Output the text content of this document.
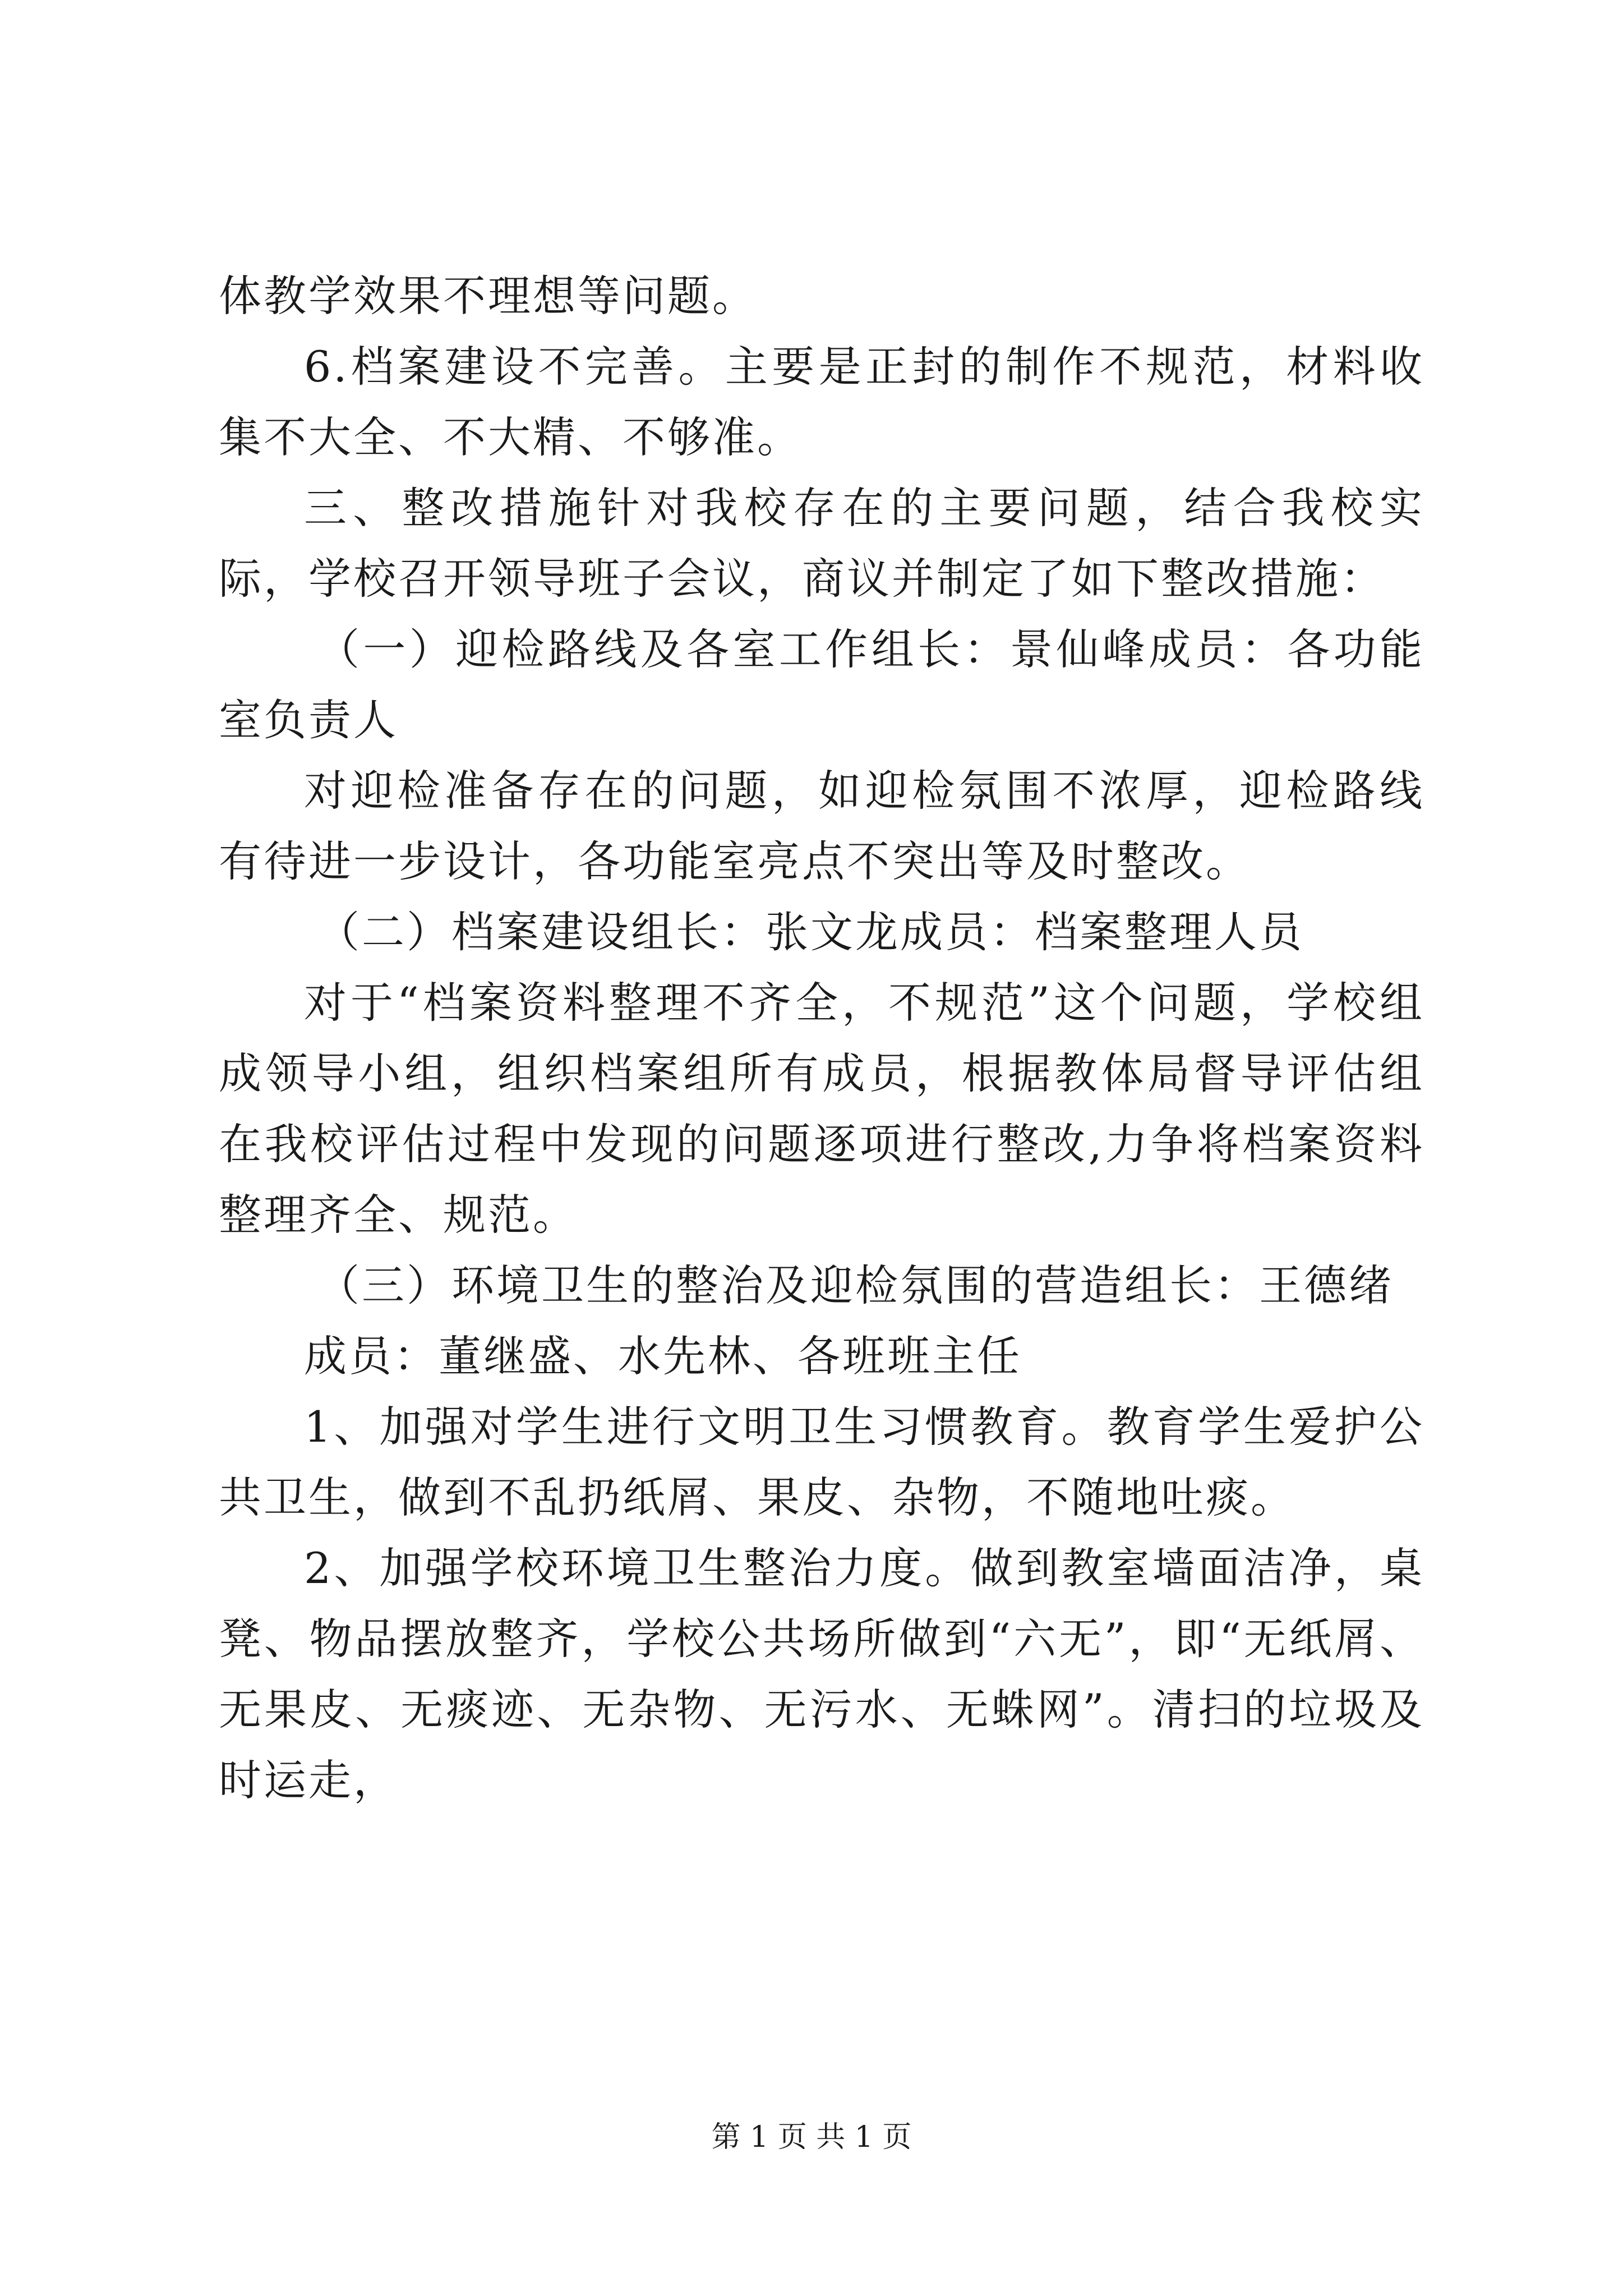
体教学效果不理想等问题。

6.档案建设不完善。主要是正封的制作不规范，材料收集不大全、不大精、不够准。

三、整改措施针对我校存在的主要问题，结合我校实际，学校召开领导班子会议，商议并制定了如下整改措施：

（一）迎检路线及各室工作组长：景仙峰成员：各功能室负责人

对迎检准备存在的问题，如迎检氛围不浓厚，迎检路线有待进一步设计，各功能室亮点不突出等及时整改。

（二）档案建设组长：张文龙成员：档案整理人员

对于“档案资料整理不齐全，不规范”这个问题，学校组成领导小组，组织档案组所有成员，根据教体局督导评估组在我校评估过程中发现的问题逐项进行整改,力争将档案资料整理齐全、规范。

（三）环境卫生的整治及迎检氛围的营造组长：王德绪

成员：董继盛、水先林、各班班主任

1、加强对学生进行文明卫生习惯教育。教育学生爱护公共卫生，做到不乱扔纸屑、果皮、杂物，不随地吐痰。

2、加强学校环境卫生整治力度。做到教室墙面洁净，桌凳、物品摆放整齐，学校公共场所做到“六无”，即“无纸屑、无果皮、无痰迹、无杂物、无污水、无蛛网”。清扫的垃圾及时运走，

第 1 页 共 1 页
